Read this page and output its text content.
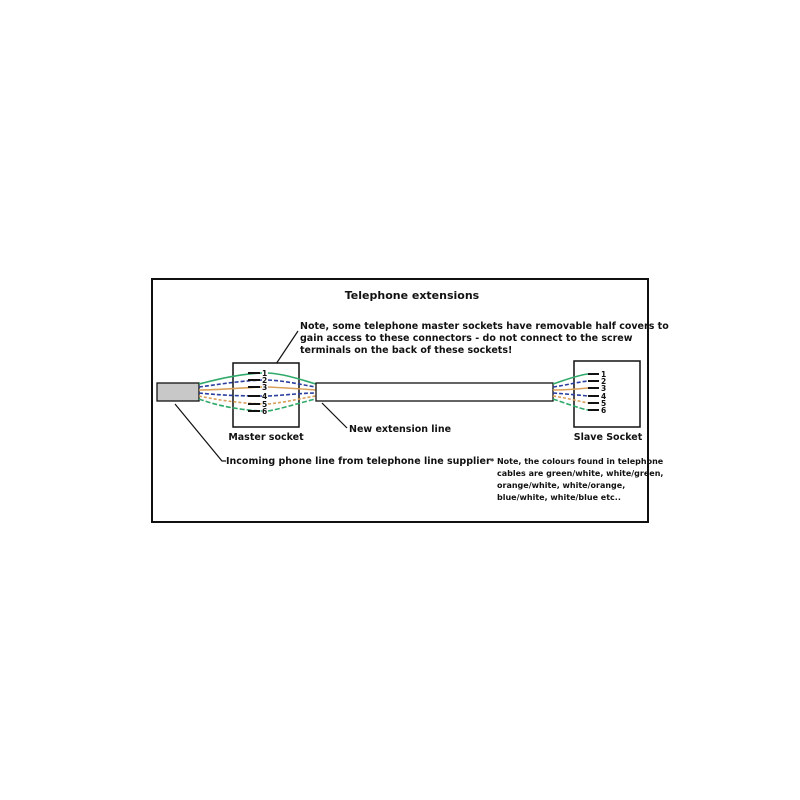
Telephone extensions
Note, some telephone master sockets have removable half covers to
gain access to these connectors - do not connect to the screw
terminals on the back of these sockets!
1
2
3
4
5
6
1
2
3
4
5
6
Master socket	Slave Socket
New extension line
Incoming phone line from telephone line supplier * Note, the colours found in telephone
cables are green/white, white/green,
orange/white, white/orange,
blue/white, white/blue etc..
